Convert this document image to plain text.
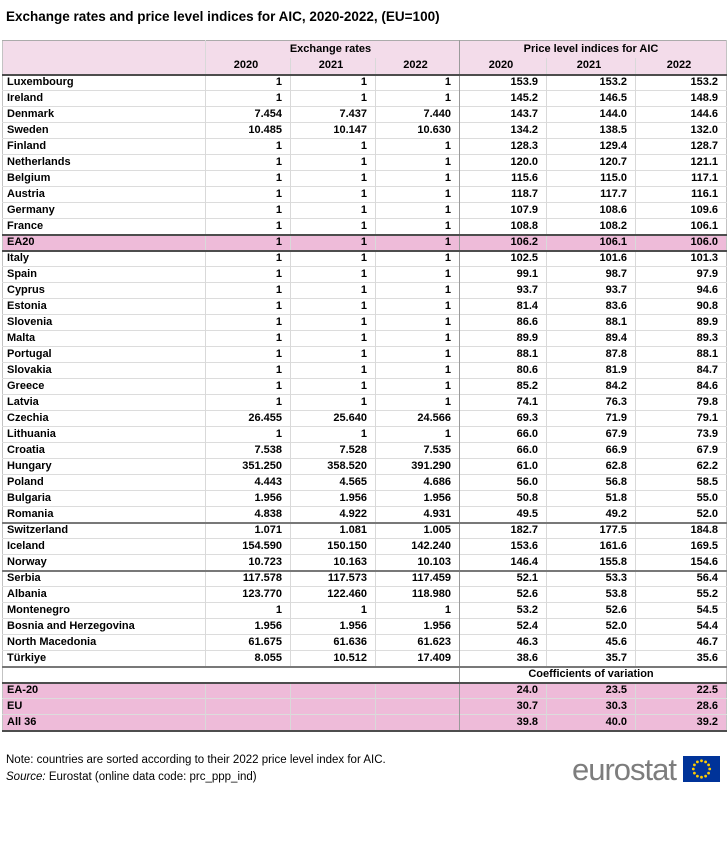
Exchange rates and price level indices for AIC, 2020-2022, (EU=100)
	Exchange rates			Price level indices for AIC		
	2020	2021	2022	2020	2021	2022
Luxembourg	1	1	1	153.9	153.2	153.2
Ireland	1	1	1	145.2	146.5	148.9
Denmark	7.454	7.437	7.440	143.7	144.0	144.6
Sweden	10.485	10.147	10.630	134.2	138.5	132.0
Finland	1	1	1	128.3	129.4	128.7
Netherlands	1	1	1	120.0	120.7	121.1
Belgium	1	1	1	115.6	115.0	117.1
Austria	1	1	1	118.7	117.7	116.1
Germany	1	1	1	107.9	108.6	109.6
France	1	1	1	108.8	108.2	106.1
EA20	1	1	1	106.2	106.1	106.0
Italy	1	1	1	102.5	101.6	101.3
Spain	1	1	1	99.1	98.7	97.9
Cyprus	1	1	1	93.7	93.7	94.6
Estonia	1	1	1	81.4	83.6	90.8
Slovenia	1	1	1	86.6	88.1	89.9
Malta	1	1	1	89.9	89.4	89.3
Portugal	1	1	1	88.1	87.8	88.1
Slovakia	1	1	1	80.6	81.9	84.7
Greece	1	1	1	85.2	84.2	84.6
Latvia	1	1	1	74.1	76.3	79.8
Czechia	26.455	25.640	24.566	69.3	71.9	79.1
Lithuania	1	1	1	66.0	67.9	73.9
Croatia	7.538	7.528	7.535	66.0	66.9	67.9
Hungary	351.250	358.520	391.290	61.0	62.8	62.2
Poland	4.443	4.565	4.686	56.0	56.8	58.5
Bulgaria	1.956	1.956	1.956	50.8	51.8	55.0
Romania	4.838	4.922	4.931	49.5	49.2	52.0
Switzerland	1.071	1.081	1.005	182.7	177.5	184.8
Iceland	154.590	150.150	142.240	153.6	161.6	169.5
Norway	10.723	10.163	10.103	146.4	155.8	154.6
Serbia	117.578	117.573	117.459	52.1	53.3	56.4
Albania	123.770	122.460	118.980	52.6	53.8	55.2
Montenegro	1	1	1	53.2	52.6	54.5
Bosnia and Herzegovina	1.956	1.956	1.956	52.4	52.0	54.4
North Macedonia	61.675	61.636	61.623	46.3	45.6	46.7
Türkiye	8.055	10.512	17.409	38.6	35.7	35.6
				Coefficients of variation		
EA-20				24.0	23.5	22.5
EU				30.7	30.3	28.6
All 36				39.8	40.0	39.2
Note: countries are sorted according to their 2022 price level index for AIC.
Source: Eurostat (online data code: prc_ppp_ind)	eurostat
